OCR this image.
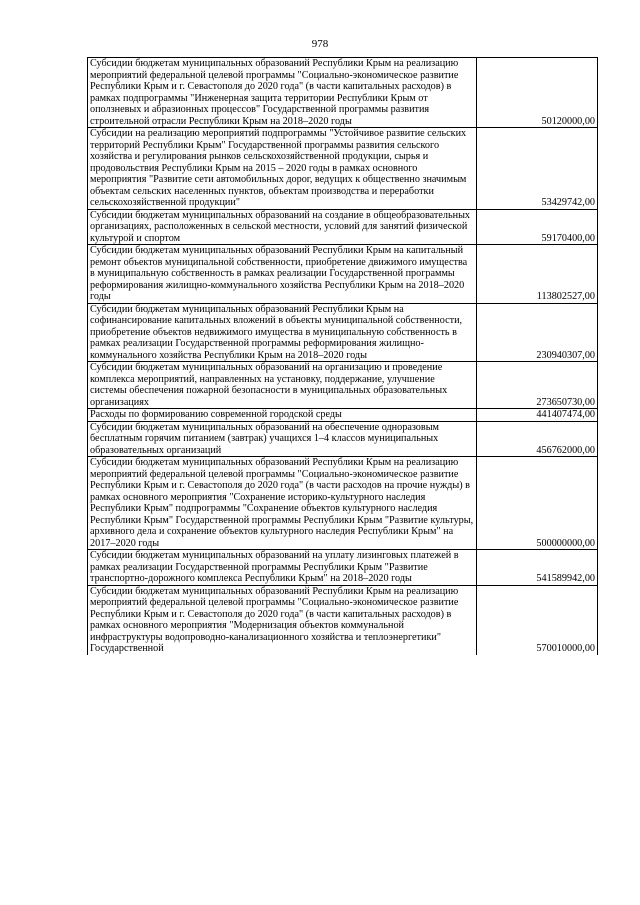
978
Субсидии бюджетам муниципальных образований Республики Крым на реализацию мероприятий федеральной целевой программы "Социально-экономическое развитие Республики Крым и г. Севастополя до 2020 года" (в части капитальных расходов) в рамках подпрограммы "Инженерная защита территории Республики Крым от оползневых и абразионных процессов" Государственной программы развития строительной отрасли Республики Крым на 2018–2020 годы	50120000,00
Субсидии на реализацию мероприятий подпрограммы "Устойчивое развитие сельских территорий Республики Крым" Государственной программы развития сельского хозяйства и регулирования рынков сельскохозяйственной продукции, сырья и продовольствия Республики Крым на 2015 – 2020 годы в рамках основного мероприятия "Развитие сети автомобильных дорог, ведущих к общественно значимым объектам сельских населенных пунктов, объектам производства и переработки сельскохозяйственной продукции"	53429742,00
Субсидии бюджетам муниципальных образований на создание в общеобразовательных организациях, расположенных в сельской местности, условий для занятий физической культурой и спортом	59170400,00
Субсидии бюджетам муниципальных образований Республики Крым на капитальный ремонт объектов муниципальной собственности, приобретение движимого имущества в муниципальную собственность в рамках реализации Государственной программы реформирования жилищно-коммунального хозяйства Республики Крым на 2018–2020 годы	113802527,00
Субсидии бюджетам муниципальных образований Республики Крым на софинансирование капитальных вложений в объекты муниципальной собственности, приобретение объектов недвижимого имущества в муниципальную собственность в рамках реализации Государственной программы реформирования жилищно-коммунального хозяйства Республики Крым на 2018–2020 годы	230940307,00
Субсидии бюджетам муниципальных образований на организацию и проведение комплекса мероприятий, направленных на установку, поддержание, улучшение системы обеспечения пожарной безопасности в муниципальных образовательных организациях	273650730,00
Расходы по формированию современной городской среды	441407474,00
Субсидии бюджетам муниципальных образований на обеспечение одноразовым бесплатным горячим питанием (завтрак) учащихся 1–4 классов муниципальных образовательных организаций	456762000,00
Субсидии бюджетам муниципальных образований Республики Крым на реализацию мероприятий федеральной целевой программы "Социально-экономическое развитие Республики Крым и г. Севастополя до 2020 года" (в части расходов на прочие нужды) в рамках основного мероприятия "Сохранение историко-культурного наследия Республики Крым" подпрограммы "Сохранение объектов культурного наследия Республики Крым" Государственной программы Республики Крым "Развитие культуры, архивного дела и сохранение объектов культурного наследия Республики Крым" на 2017–2020 годы	500000000,00
Субсидии бюджетам муниципальных образований на уплату лизинговых платежей в рамках реализации Государственной программы Республики Крым "Развитие транспортно-дорожного комплекса Республики Крым" на 2018–2020 годы	541589942,00
Субсидии бюджетам муниципальных образований Республики Крым на реализацию мероприятий федеральной целевой программы "Социально-экономическое развитие Республики Крым и г. Севастополя до 2020 года" (в части капитальных расходов) в рамках основного мероприятия "Модернизация объектов коммунальной инфраструктуры водопроводно-канализационного хозяйства и теплоэнергетики" Государственной	570010000,00
